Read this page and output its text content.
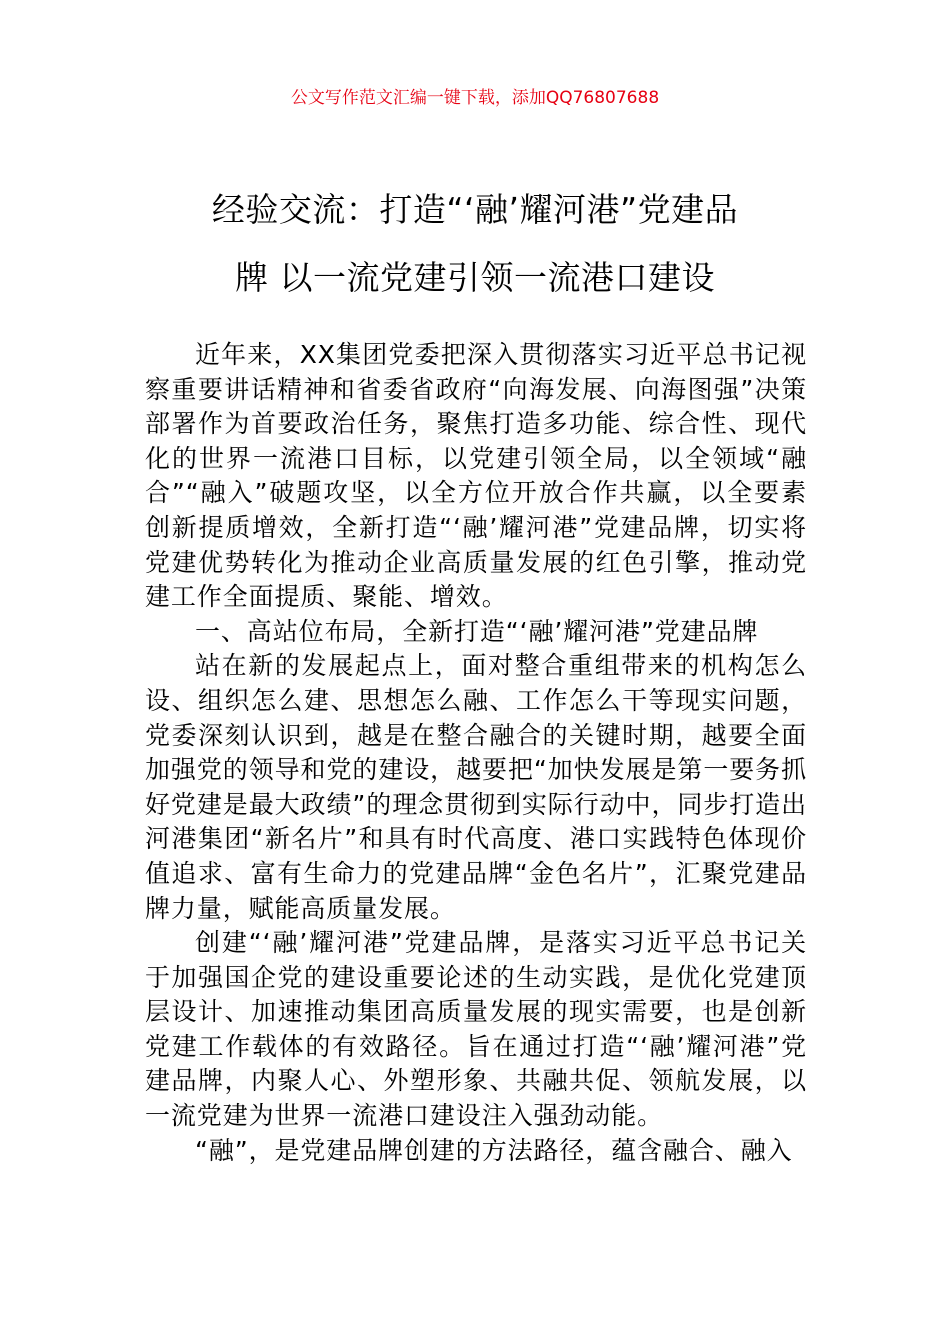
公文写作范文汇编一键下载，添加QQ76807688
经验交流：打造“‘融’耀河港”党建品
牌 以一流党建引领一流港口建设

近年来，XX集团党委把深入贯彻落实习近平总书记视察重要讲话精神和省委省政府“向海发展、向海图强”决策部署作为首要政治任务，聚焦打造多功能、综合性、现代化的世界一流港口目标，以党建引领全局，以全领域“融合”“融入”破题攻坚，以全方位开放合作共赢，以全要素创新提质增效，全新打造“‘融’耀河港”党建品牌，切实将党建优势转化为推动企业高质量发展的红色引擎，推动党建工作全面提质、聚能、增效。

一、高站位布局，全新打造“‘融’耀河港”党建品牌

站在新的发展起点上，面对整合重组带来的机构怎么设、组织怎么建、思想怎么融、工作怎么干等现实问题，党委深刻认识到，越是在整合融合的关键时期，越要全面加强党的领导和党的建设，越要把“加快发展是第一要务抓好党建是最大政绩”的理念贯彻到实际行动中，同步打造出河港集团“新名片”和具有时代高度、港口实践特色体现价值追求、富有生命力的党建品牌“金色名片”，汇聚党建品牌力量，赋能高质量发展。

创建“‘融’耀河港”党建品牌，是落实习近平总书记关于加强国企党的建设重要论述的生动实践，是优化党建顶层设计、加速推动集团高质量发展的现实需要，也是创新党建工作载体的有效路径。旨在通过打造“‘融’耀河港”党建品牌，内聚人心、外塑形象、共融共促、领航发展，以一流党建为世界一流港口建设注入强劲动能。

“融”，是党建品牌创建的方法路径，蕴含融合、融入
